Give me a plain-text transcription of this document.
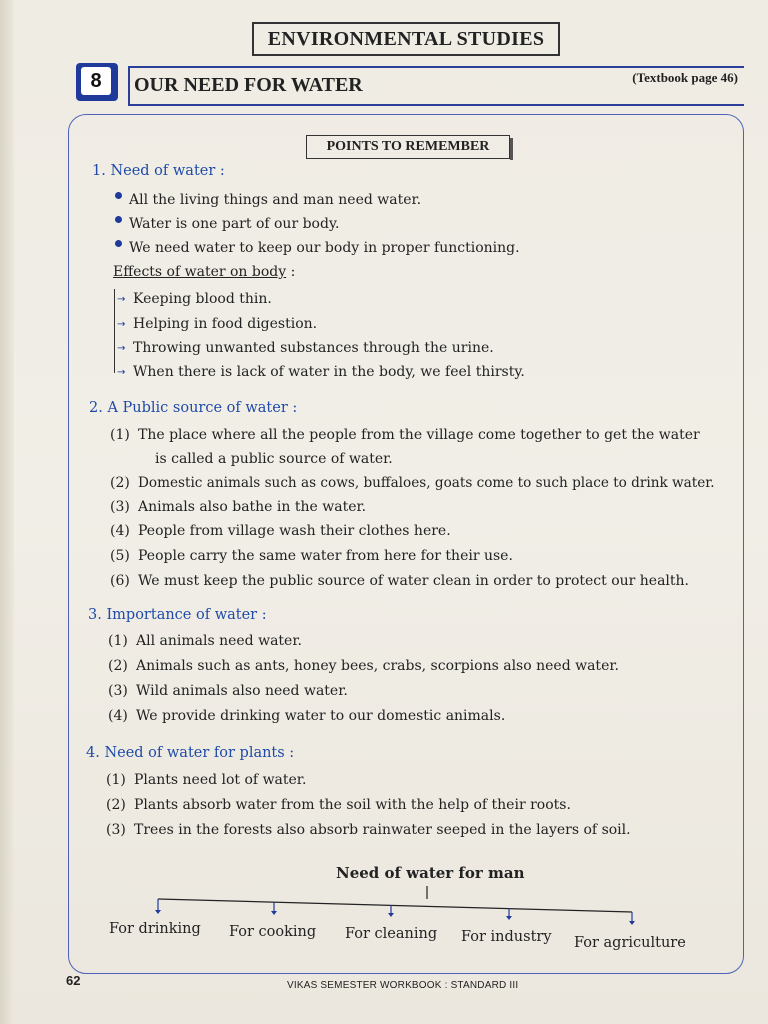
ENVIRONMENTAL STUDIES
8	OUR NEED FOR WATER	(Textbook page 46)
POINTS TO REMEMBER
1. Need of water :
All the living things and man need water.
Water is one part of our body.
We need water to keep our body in proper functioning.
Effects of water on body :
→ Keeping blood thin.
→ Helping in food digestion.
→ Throwing unwanted substances through the urine.
→ When there is lack of water in the body, we feel thirsty.
2. A Public source of water :
(1) The place where all the people from the village come together to get the water
is called a public source of water.
(2) Domestic animals such as cows, buffaloes, goats come to such place to drink water.
(3) Animals also bathe in the water.
(4) People from village wash their clothes here.
(5) People carry the same water from here for their use.
(6) We must keep the public source of water clean in order to protect our health.
3. Importance of water :
(1) All animals need water.
(2) Animals such as ants, honey bees, crabs, scorpions also need water.
(3) Wild animals also need water.
(4) We provide drinking water to our domestic animals.
4. Need of water for plants :
(1) Plants need lot of water.
(2) Plants absorb water from the soil with the help of their roots.
(3) Trees in the forests also absorb rainwater seeped in the layers of soil.
Need of water for man
For drinking For cooking For cleaning For industry For agriculture
62	VIKAS SEMESTER WORKBOOK : STANDARD III
